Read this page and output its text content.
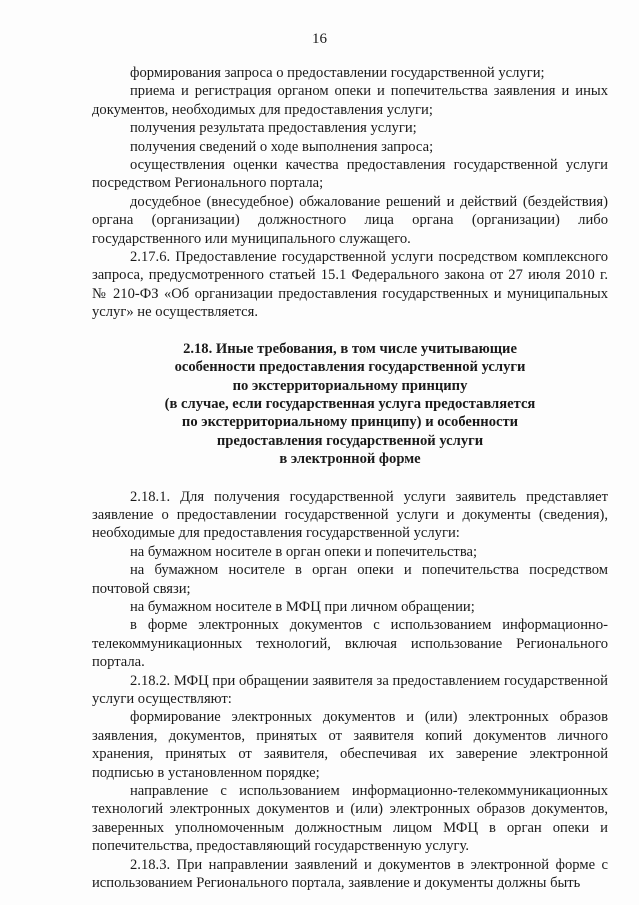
16

формирования запроса о предоставлении государственной услуги;

приема и регистрация органом опеки и попечительства заявления и иных документов, необходимых для предоставления услуги;

получения результата предоставления услуги;

получения сведений о ходе выполнения запроса;

осуществления оценки качества предоставления государственной услуги посредством Регионального портала;

досудебное (внесудебное) обжалование решений и действий (бездействия) органа (организации) должностного лица органа (организации) либо государственного или муниципального служащего.

2.17.6. Предоставление государственной услуги посредством комплексного запроса, предусмотренного статьей 15.1 Федерального закона от 27 июля 2010 г. № 210-ФЗ «Об организации предоставления государственных и муниципальных услуг» не осуществляется.

2.18. Иные требования, в том числе учитывающие
особенности предоставления государственной услуги
по экстерриториальному принципу
(в случае, если государственная услуга предоставляется
по экстерриториальному принципу) и особенности
предоставления государственной услуги
в электронной форме

2.18.1. Для получения государственной услуги заявитель представляет заявление о предоставлении государственной услуги и документы (сведения), необходимые для предоставления государственной услуги:

на бумажном носителе в орган опеки и попечительства;

на бумажном носителе в орган опеки и попечительства посредством почтовой связи;

на бумажном носителе в МФЦ при личном обращении;

в форме электронных документов с использованием информационно-телекоммуникационных технологий, включая использование Регионального портала.

2.18.2. МФЦ при обращении заявителя за предоставлением государственной услуги осуществляют:

формирование электронных документов и (или) электронных образов заявления, документов, принятых от заявителя копий документов личного хранения, принятых от заявителя, обеспечивая их заверение электронной подписью в установленном порядке;

направление с использованием информационно-телекоммуникационных технологий электронных документов и (или) электронных образов документов, заверенных уполномоченным должностным лицом МФЦ в орган опеки и попечительства, предоставляющий государственную услугу.

2.18.3. При направлении заявлений и документов в электронной форме с использованием Регионального портала, заявление и документы должны быть
